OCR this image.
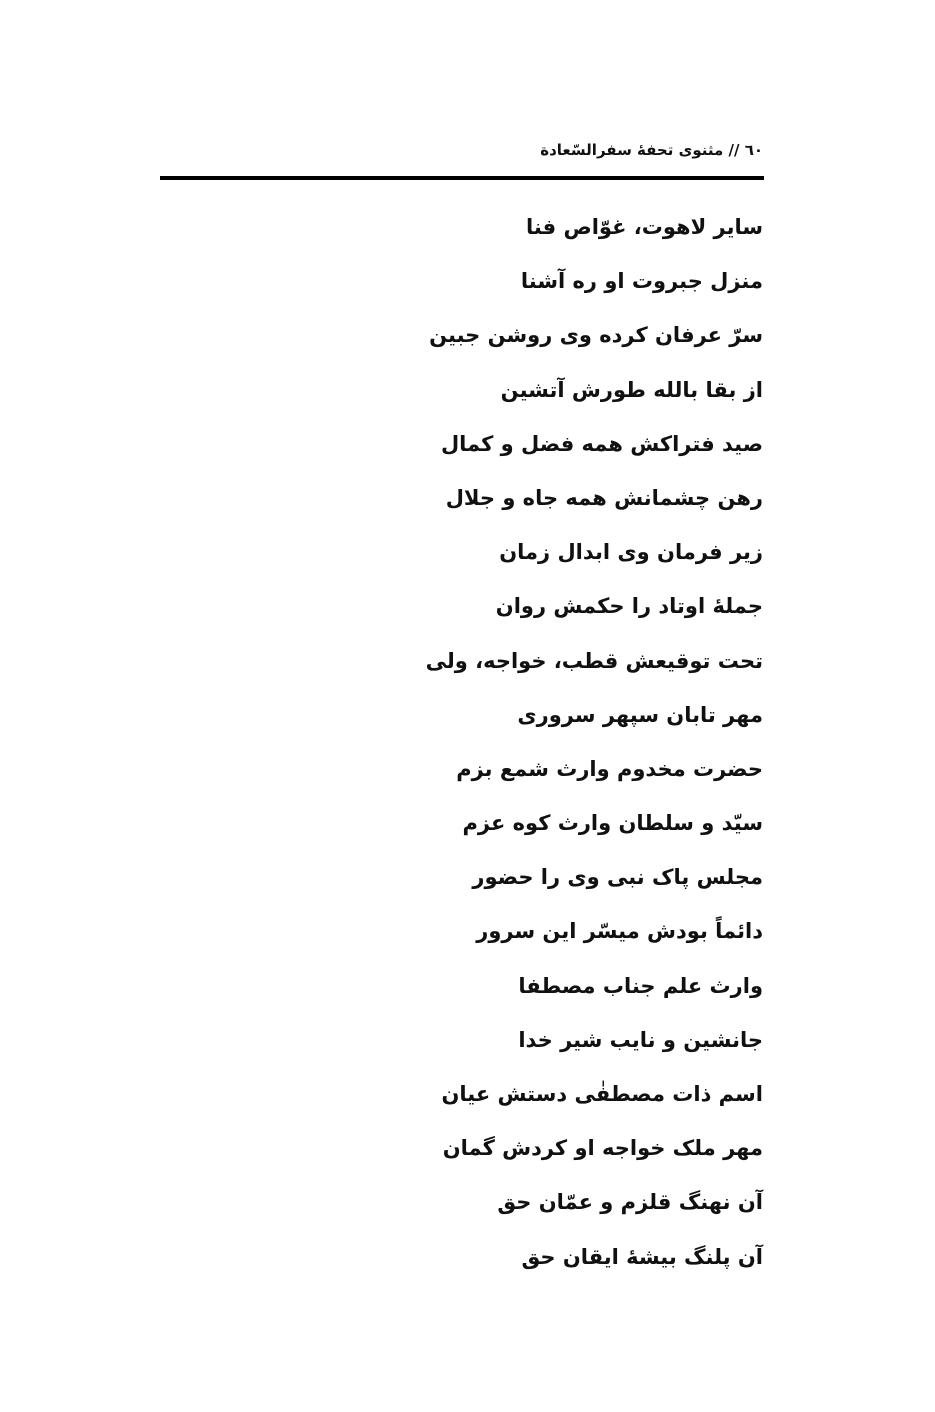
٦٠ // مثنوی تحفهٔ سفرالسّعادة
سایر لاهوت، غوّاص فنا
منزل جبروت او ره آشنا
سرّ عرفان کرده وی روشن جبین
از بقا بالله طورش آتشین
صید فتراکش همه فضل و کمال
رهن چشمانش همه جاه و جلال
زیر فرمان وی ابدال زمان
جملهٔ اوتاد را حکمش روان
تحت توقیعش قطب، خواجه، ولی
مهر تابان سپهر سروری
حضرت مخدوم وارث شمع بزم
سیّد و سلطان وارث کوه عزم
مجلس پاک نبی وی را حضور
دائماً بودش میسّر این سرور
وارث علم جناب مصطفا
جانشین و نایب شیر خدا
اسم ذات مصطفٰی دستش عیان
مهر ملک خواجه او کردش گمان
آن نهنگ قلزم و عمّان حق
آن پلنگ بیشهٔ ایقان حق
